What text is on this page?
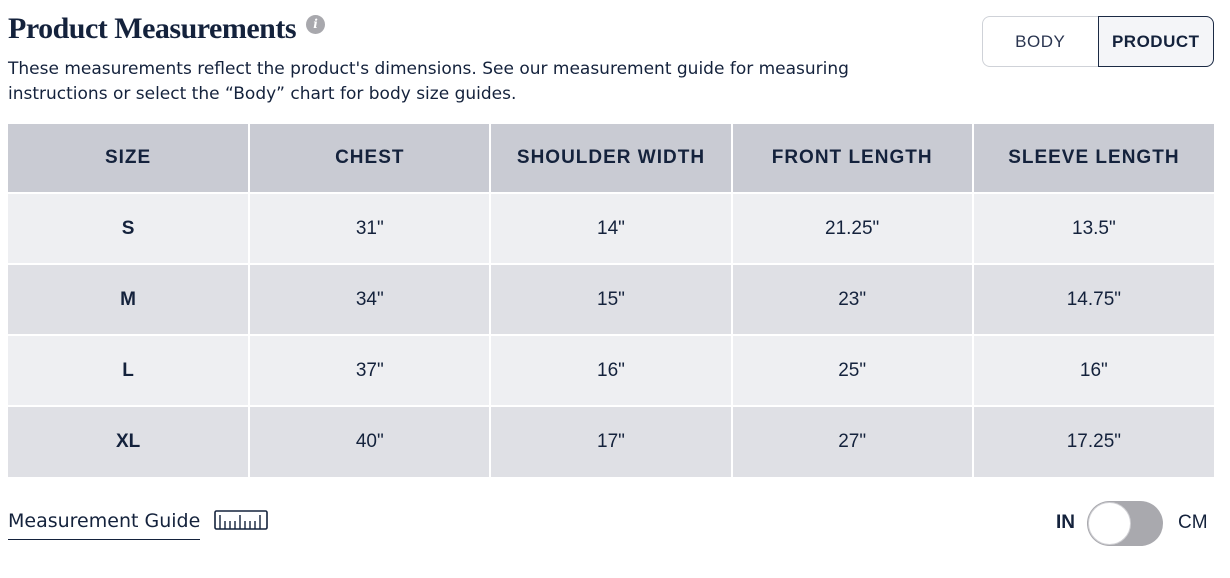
Product Measurements	i

These measurements reflect the product's dimensions. See our measurement guide for measuring instructions or select the “Body” chart for body size guides.

BODY	PRODUCT
SIZE	CHEST	SHOULDER WIDTH	FRONT LENGTH	SLEEVE LENGTH
S	31"	14"	21.25"	13.5"
M	34"	15"	23"	14.75"
L	37"	16"	25"	16"
XL	40"	17"	27"	17.25"
Measurement Guide	IN	CM
